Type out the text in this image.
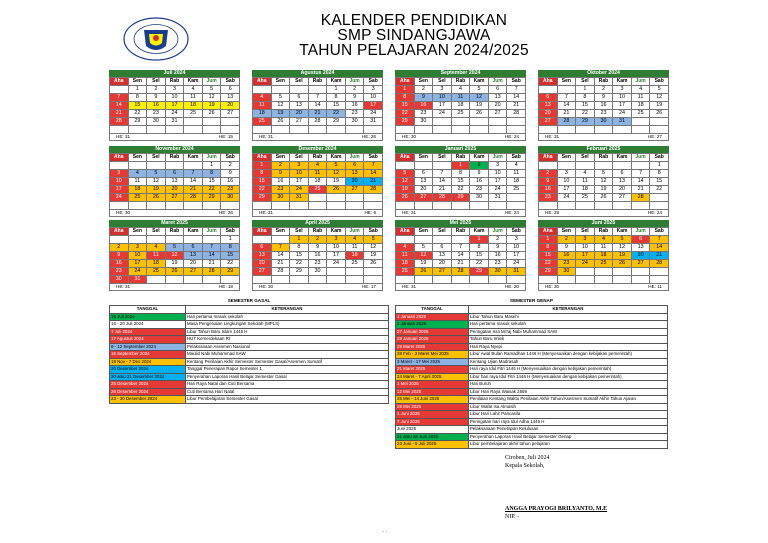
KALENDER PENDIDIKAN
SMP SINDANGJAWA
TAHUN PELAJARAN 2024/2025
Juli 2024
Aha	Sen	Sel	Rab	Kam	Jum	Sab
	1	2	3	4	5	6
7	8	9	10	11	12	13
14	15	16	17	18	19	20
21	22	23	24	25	26	27
28	29	30	31			

HE: 31	HE: 15
Agustus 2024
Aha	Sen	Sel	Rab	Kam	Jum	Sab
				1	2	3
4	5	6	7	8	9	10
11	12	13	14	15	16	17
18	19	20	21	22	23	24
25	26	27	28	29	30	31

HE: 31	HE: 26
September 2024
Aha	Sen	Sel	Rab	Kam	Jum	Sab
1	2	3	4	5	6	7
8	9	10	11	12	13	14
15	16	17	18	19	20	21
22	23	24	25	26	27	28
29	30					

HE: 30	HE: 24
Oktober 2024
Aha	Sen	Sel	Rab	Kam	Jum	Sab
		1	2	3	4	5
6	7	8	9	10	11	12
13	14	15	16	17	18	19
20	21	22	23	24	25	26
27	28	29	30	31		

HE: 31	HE: 27
November 2024
Aha	Sen	Sel	Rab	Kam	Jum	Sab
					1	2
3	4	5	6	7	8	9
10	11	12	13	14	15	16
17	18	19	20	21	22	23
24	25	26	27	28	29	30

HE: 30	HE: 26
Desember 2024
Aha	Sen	Sel	Rab	Kam	Jum	Sab
1	2	3	4	5	6	7
8	9	10	11	12	13	14
15	16	17	18	19	20	21
22	23	24	25	26	27	28
29	30	31				

HE: 31	HE: 6
Januari 2025
Aha	Sen	Sel	Rab	Kam	Jum	Sab
			1	2	3	4
5	6	7	8	9	10	11
12	13	14	15	16	17	18
19	20	21	22	23	24	25
26	27	28	29	30	31	

HE: 31	HE: 24
Februari 2025
Aha	Sen	Sel	Rab	Kam	Jum	Sab
						1
2	3	4	5	6	7	8
9	10	11	12	13	14	15
16	17	18	19	20	21	22
23	24	25	26	27	28	

HE: 28	HE: 24
Maret 2025
Aha	Sen	Sel	Rab	Kam	Jum	Sab
						1
2	3	4	5	6	7	8
9	10	11	12	13	14	15
16	17	18	19	20	21	22
23	24	25	26	27	28	29
30	31					
HE: 31	HE: 18
April 2025
Aha	Sen	Sel	Rab	Kam	Jum	Sab
		1	2	3	4	5
6	7	8	9	10	11	12
13	14	15	16	17	18	19
20	21	22	23	24	25	26
27	28	29	30			

HE: 30	HE: 17
Mei 2025
Aha	Sen	Sel	Rab	Kam	Jum	Sab
				1	2	3
4	5	6	7	8	9	10
11	12	13	14	15	16	17
18	19	20	21	22	23	24
25	26	27	28	29	30	31

HE: 31	HE: 20
Juni 2025
Aha	Sen	Sel	Rab	Kam	Jum	Sab
1	2	3	4	5	6	7
8	9	10	11	12	13	14
15	16	17	18	19	20	21
22	23	24	25	26	27	28
29	30					

HE: 30	HE: 11
SEMESTER GASAL
TANGGAL	KETERANGAN
15 Juli 2024	Hari pertama masuk sekolah
15 - 20 Juli 2024	Masa Pengenalan Lingkungan Sekolah (MPLS)
7 Juli 2024	Libur Tahun Baru Islam 1446 H
17 Agustus 2024	HUT Kemerdekaan RI
9 - 12 September 2024	Pelaksanaan Asesmen Nasional
16 September 2024	Maulid Nabi Muhammad SAW
18 Nov - 7 Des 2024	Kentang Penilaian Akhir Semester Semester Gasal/Asesmen Sumatif
20 Desember 2024	Tanggal Penerapan Rapor Semester 1
20 atau 21 Desember 2024	Penyerahan Laporan Hasil Belajar Semester Gasal
25 Desember 2024	Hari Raya Natal dan Cuti Bersama
26 Desember 2024	Cuti Bersama Hari Natal
23 - 30 Desember 2024	Libur Pembelajaran Semester Gasal
SEMESTER GENAP
TANGGAL	KETERANGAN
1 Januari 2025	Libur Tahun Baru Masehi
2 Januari 2025	Hari pertama masuk sekolah
27 Januari 2025	Peringatan Isra Mi'raj Nabi Muhammad SAW
29 Januari 2025	Tahun Baru Imlek
29 Maret 2025	Hari Raya Nyepi
28 Feb - 3 Maret Mei 2025	Libur Awal Bulan Ramadhan 1446 H (Menyesuaikan dengan kebijakan pemerintah)
3 Maret - 17 Mei 2025	Kentang Ujian Madrasah
31 Maret 2025	Hari raya Idul Fitri 1446 H (Menyesuaikan dengan kebijakan pemerintah)
24 Maret - 7 April 2025	Libur hari raya Idul Fitri 1446 H (Menyesuaikan dengan kebijakan pemerintah)
1 Mei 2025	Hari Buruh
12 Mei 2025	Libur Hari Raya Waisak 2569
26 Mei - 14 Juni 2025	Penilaian Kentang Waktu Penilaian Akhir Tahun/Asesmen Sumatif Akhir Tahun Ajaran
29 Mei 2025	Libur Wafat Isa Almasih
1 Juni 2025	Libur Hari Lahir Pancasila
7 Juni 2025	Peringatan hari raya Idul Adha 1446 H
Juni 2025	Pelaksanaan Penetapan Kelulusan
21 atau 28 Juni 2025	Penyerahan Laporan Hasil Belajar Semester Genap
23 Juni - 5 Juli 2025	Libur pembelajaran akhir tahun pelajaran
Ciroben, Juli 2024
Kepala Sekolah,
ANGGA PRAYOGI BRILYANTO, M.E
NIP. -
. .
